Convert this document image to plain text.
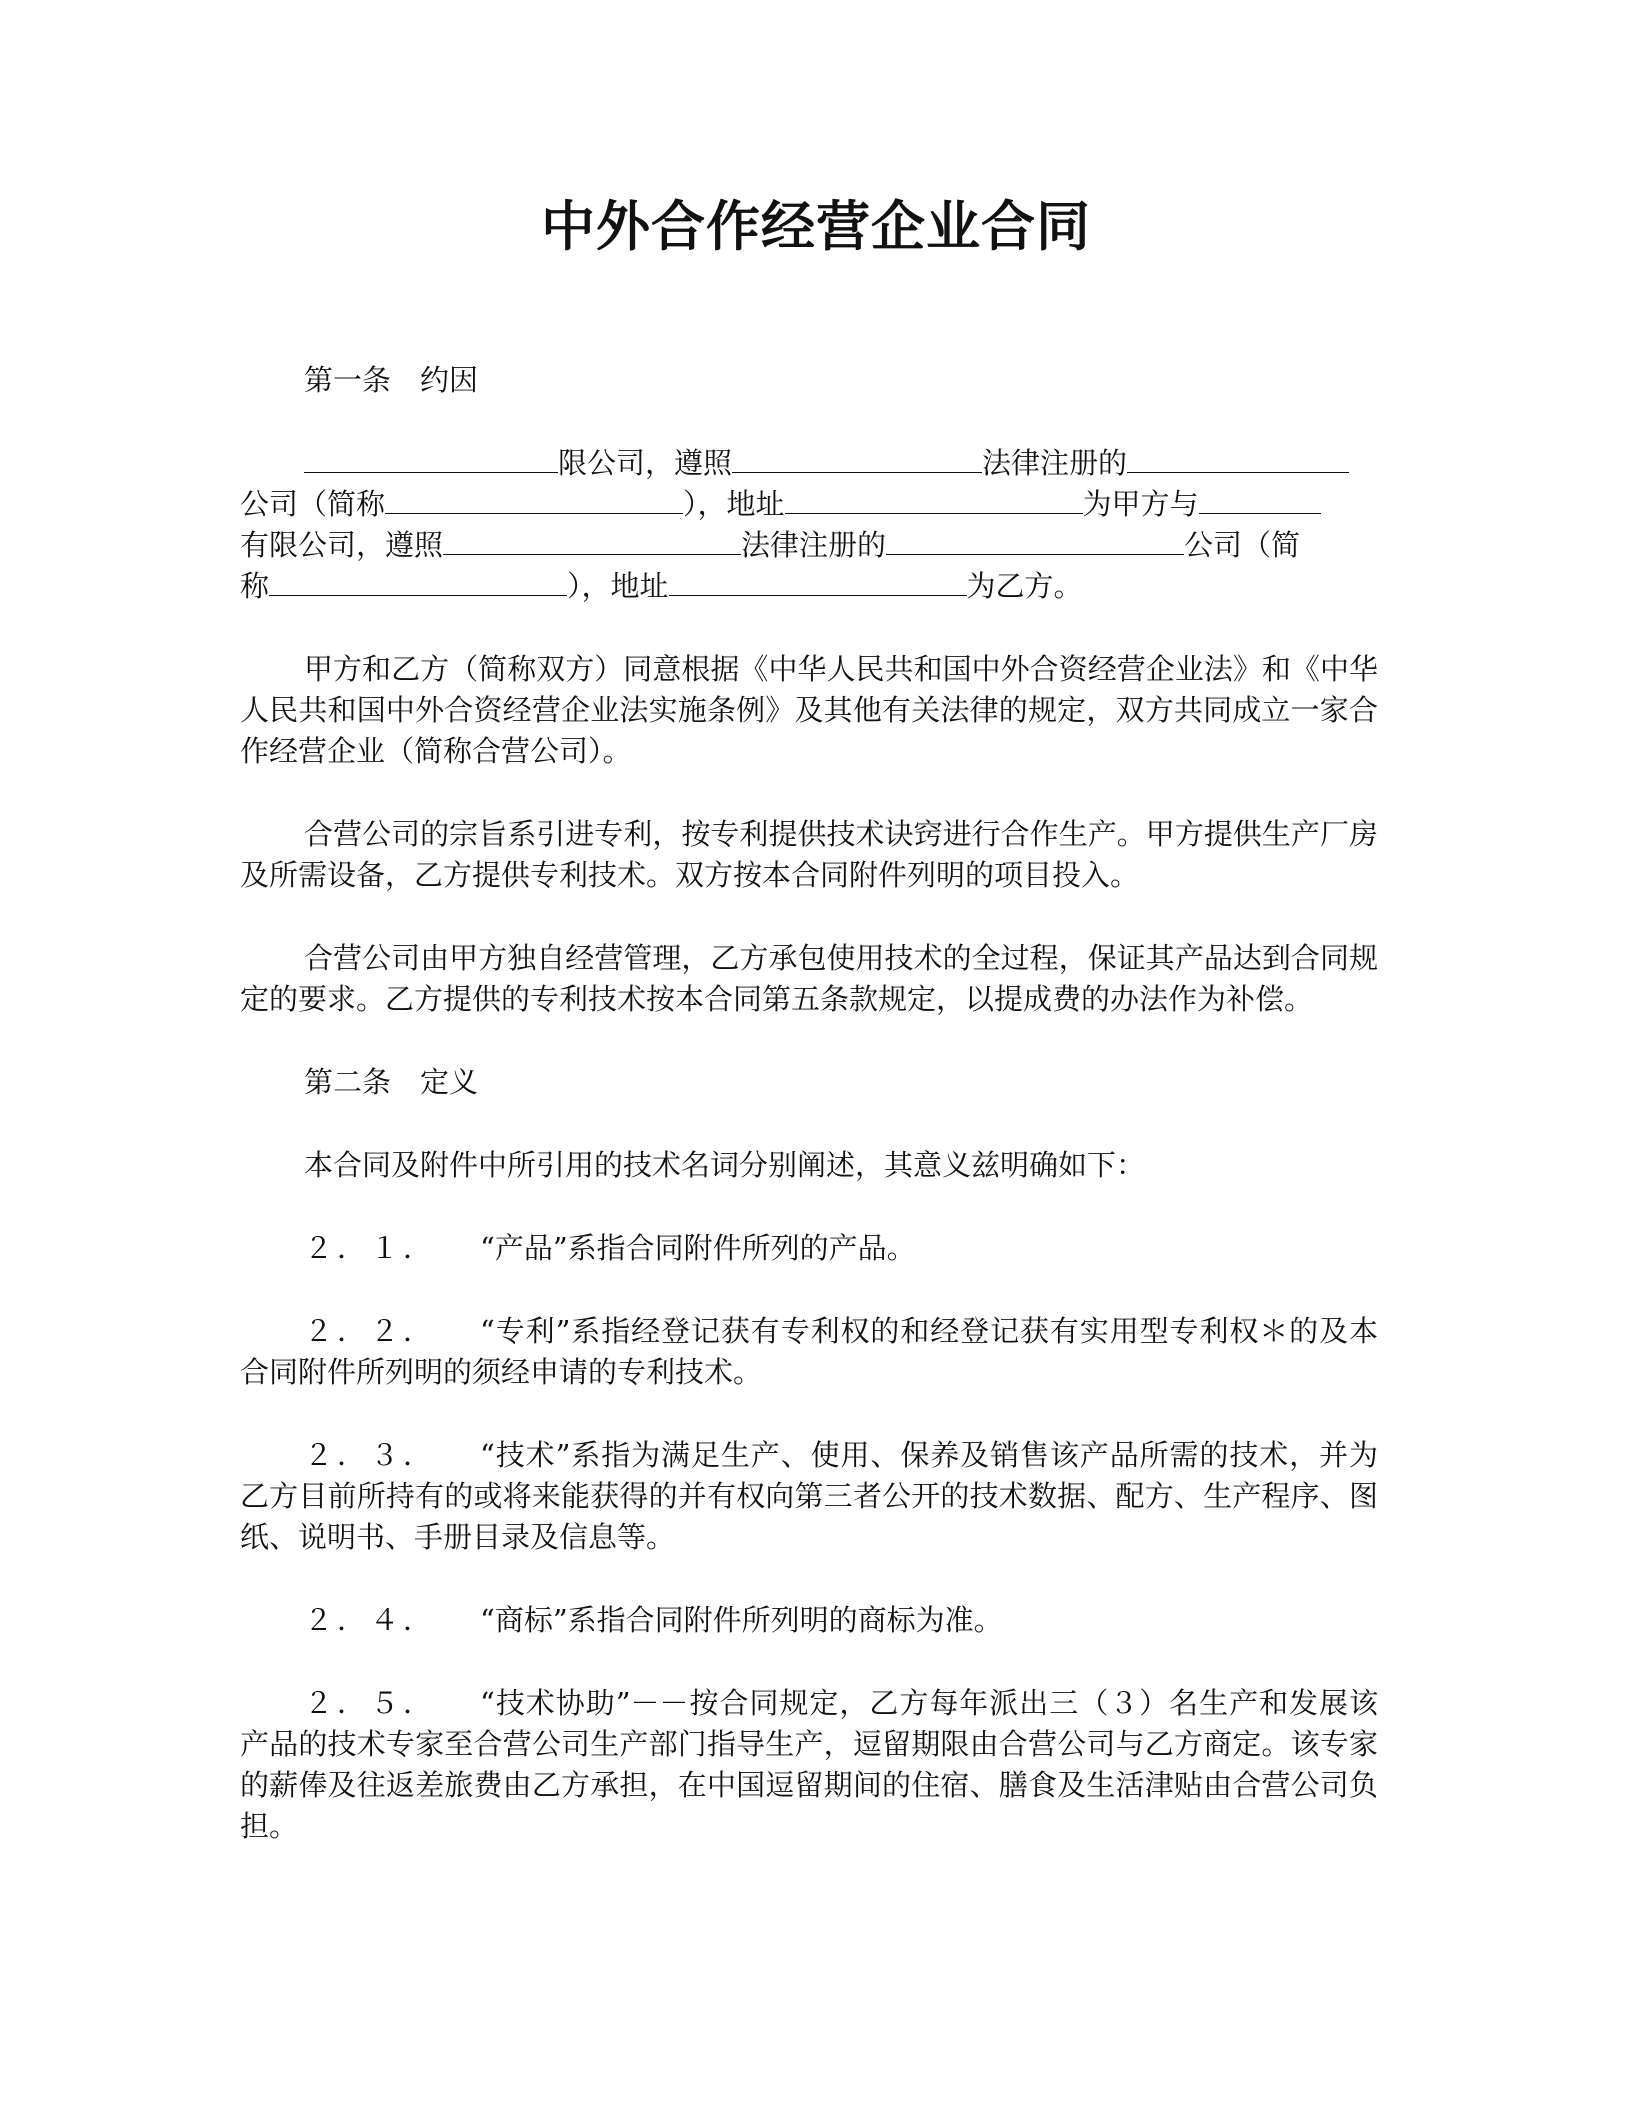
中外合作经营企业合同

第一条　约因

限公司，遵照	法律注册的

公司（简称	），地址	为甲方与

有限公司，遵照	法律注册的	公司（简

称	），地址	为乙方。

甲方和乙方（简称双方）同意根据《中华人民共和国中外合资经营企业法》和《中华人民共和国中外合资经营企业法实施条例》及其他有关法律的规定，双方共同成立一家合作经营企业（简称合营公司）。

合营公司的宗旨系引进专利，按专利提供技术诀窍进行合作生产。甲方提供生产厂房及所需设备，乙方提供专利技术。双方按本合同附件列明的项目投入。

合营公司由甲方独自经营管理，乙方承包使用技术的全过程，保证其产品达到合同规定的要求。乙方提供的专利技术按本合同第五条款规定，以提成费的办法作为补偿。

第二条　定义

本合同及附件中所引用的技术名词分别阐述，其意义兹明确如下：

２．１． “产品”系指合同附件所列的产品。

２．２． “专利”系指经登记获有专利权的和经登记获有实用型专利权＊的及本合同附件所列明的须经申请的专利技术。

２．３． “技术”系指为满足生产、使用、保养及销售该产品所需的技术，并为乙方目前所持有的或将来能获得的并有权向第三者公开的技术数据、配方、生产程序、图纸、说明书、手册目录及信息等。

２．４． “商标”系指合同附件所列明的商标为准。

２．５． “技术协助”－－按合同规定，乙方每年派出三（３）名生产和发展该产品的技术专家至合营公司生产部门指导生产，逗留期限由合营公司与乙方商定。该专家的薪俸及往返差旅费由乙方承担，在中国逗留期间的住宿、膳食及生活津贴由合营公司负担。
